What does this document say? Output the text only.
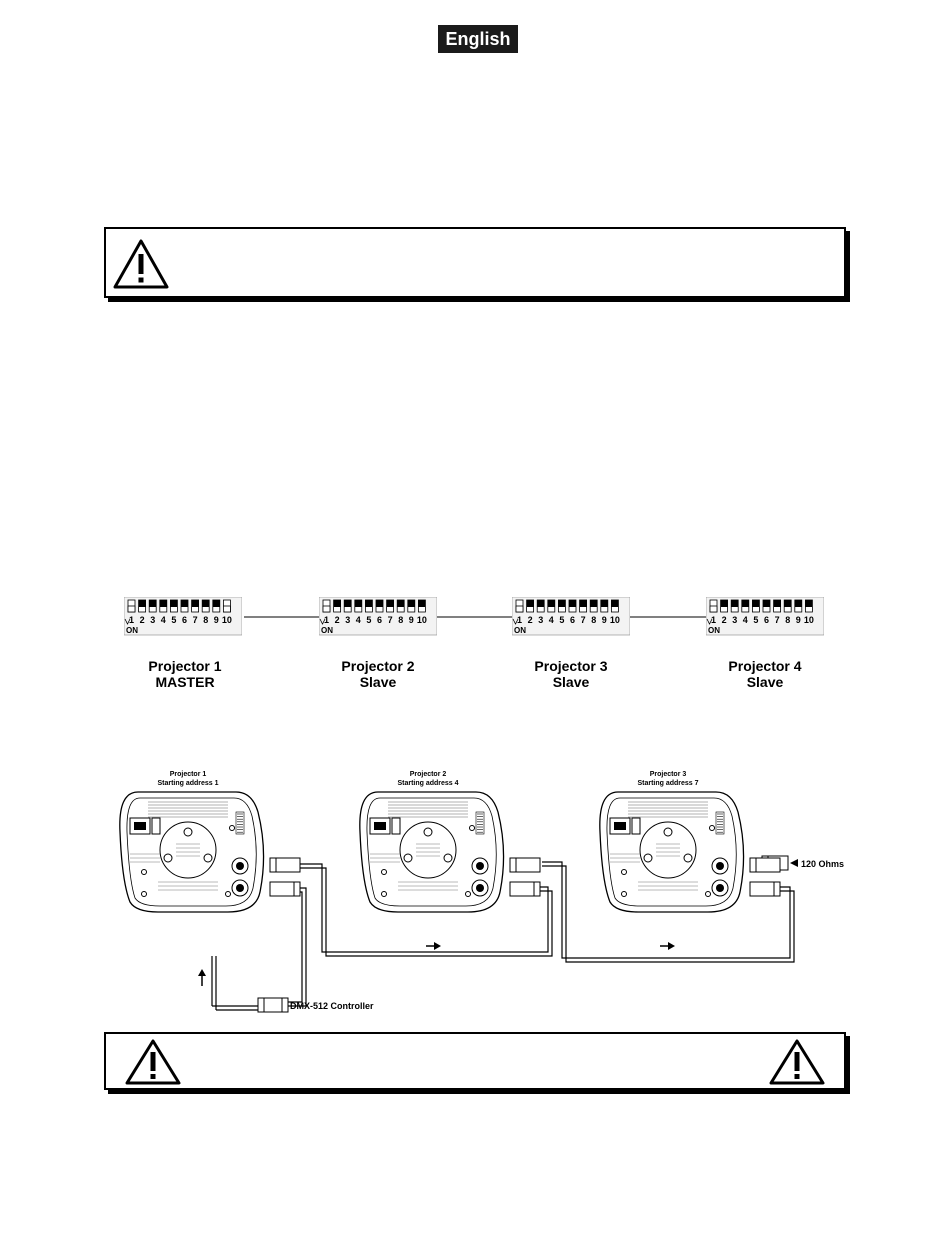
English
1 2 3 4 5 6 7 8 9 10
ON
1 2 3 4 5 6 7 8 9 10
ON
1 2 3 4 5 6 7 8 9 10
ON
1 2 3 4 5 6 7 8 9 10
ON
Projector 1
MASTER
Projector 2
Slave
Projector 3
Slave
Projector 4
Slave
DMX-512 Controller
120 Ohms
Projector 1
Starting address 1
Projector 2
Starting address 4
Projector 3
Starting address 7
